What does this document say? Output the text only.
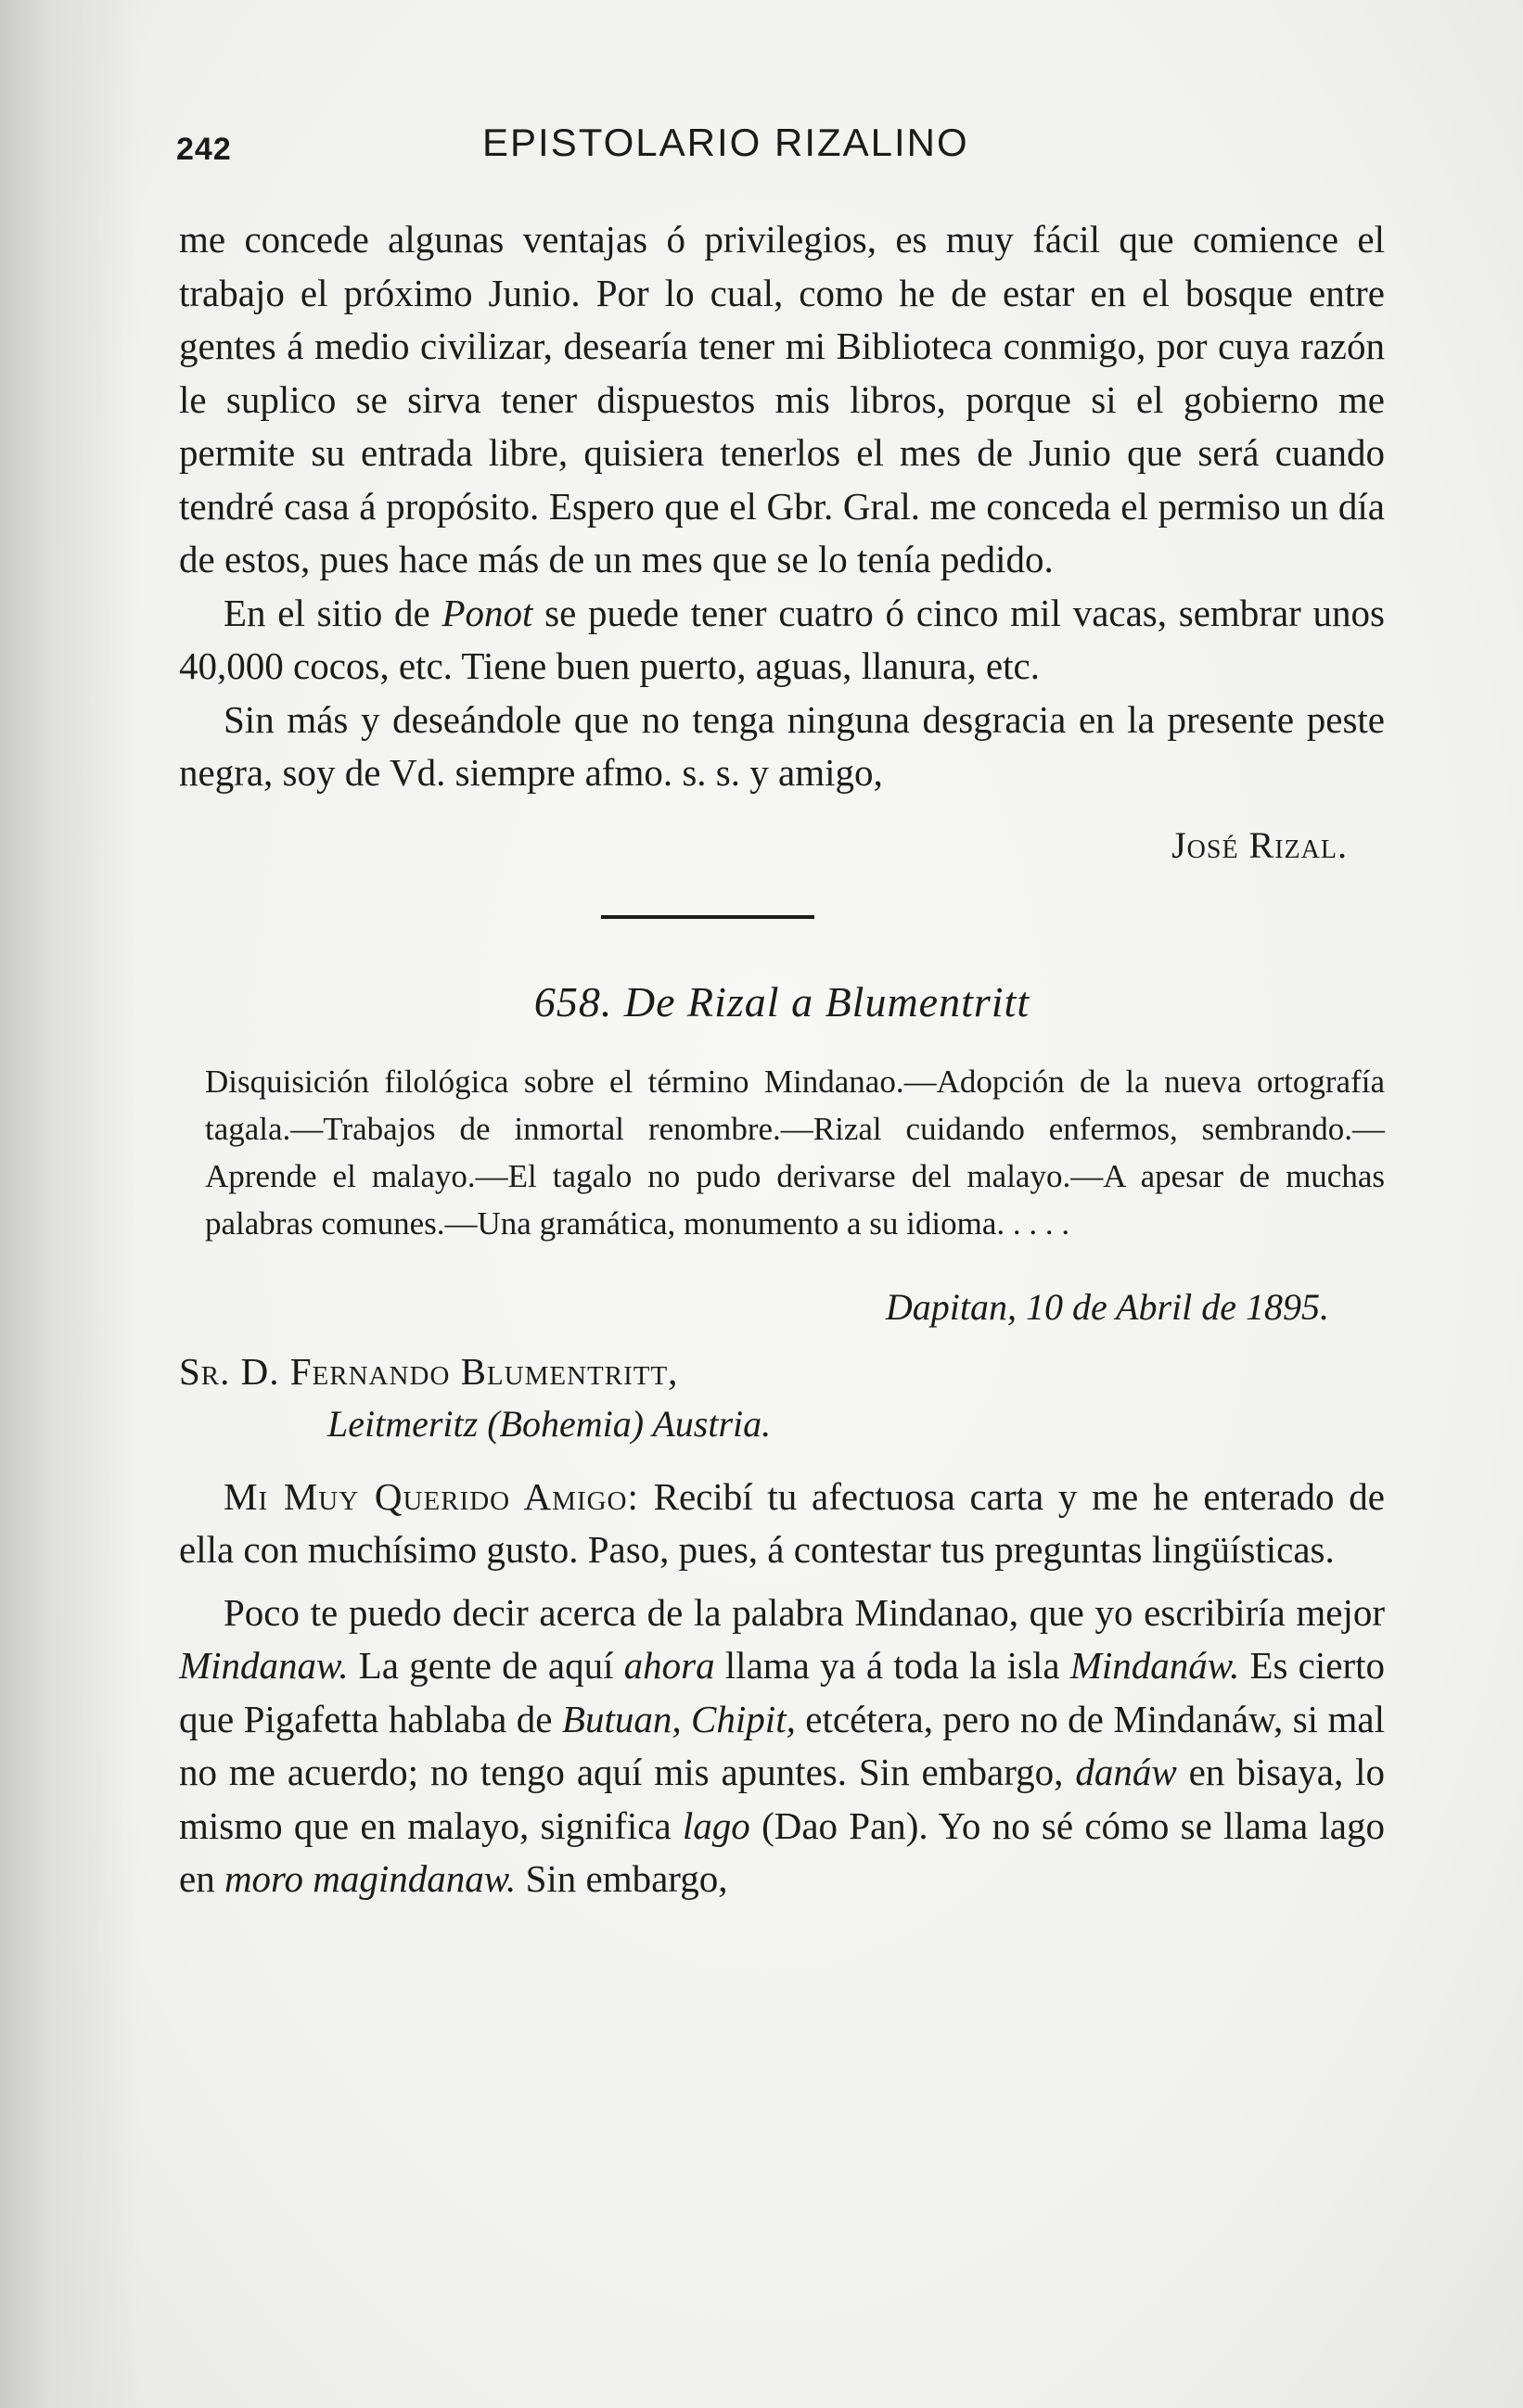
242	EPISTOLARIO RIZALINO

me concede algunas ventajas ó privilegios, es muy fácil que comience el trabajo el próximo Junio. Por lo cual, como he de estar en el bosque entre gentes á medio civilizar, desearía tener mi Biblioteca conmigo, por cuya razón le suplico se sirva tener dispuestos mis libros, porque si el gobierno me permite su entrada libre, quisiera tenerlos el mes de Junio que será cuando tendré casa á propósito. Espero que el Gbr. Gral. me conceda el permiso un día de estos, pues hace más de un mes que se lo tenía pedido.

En el sitio de Ponot se puede tener cuatro ó cinco mil vacas, sembrar unos 40,000 cocos, etc. Tiene buen puerto, aguas, llanura, etc.

Sin más y deseándole que no tenga ninguna desgracia en la presente peste negra, soy de Vd. siempre afmo. s. s. y amigo,

José Rizal.
658. De Rizal a Blumentritt

Disquisición filológica sobre el término Mindanao.—Adopción de la nueva ortografía tagala.—Trabajos de inmortal renombre.—Rizal cuidando enfermos, sembrando.—Aprende el malayo.—El tagalo no pudo derivarse del malayo.—A apesar de muchas palabras comunes.—Una gramática, monumento a su idioma. . . . .

Dapitan, 10 de Abril de 1895.
Sr. D. Fernando Blumentritt,
Leitmeritz (Bohemia) Austria.

Mi Muy Querido Amigo: Recibí tu afectuosa carta y me he enterado de ella con muchísimo gusto. Paso, pues, á contestar tus preguntas lingüísticas.

Poco te puedo decir acerca de la palabra Mindanao, que yo escribiría mejor Mindanaw. La gente de aquí ahora llama ya á toda la isla Mindanáw. Es cierto que Pigafetta hablaba de Butuan, Chipit, etcétera, pero no de Mindanáw, si mal no me acuerdo; no tengo aquí mis apuntes. Sin embargo, danáw en bisaya, lo mismo que en malayo, significa lago (Dao Pan). Yo no sé cómo se llama lago en moro magindanaw. Sin embargo,
